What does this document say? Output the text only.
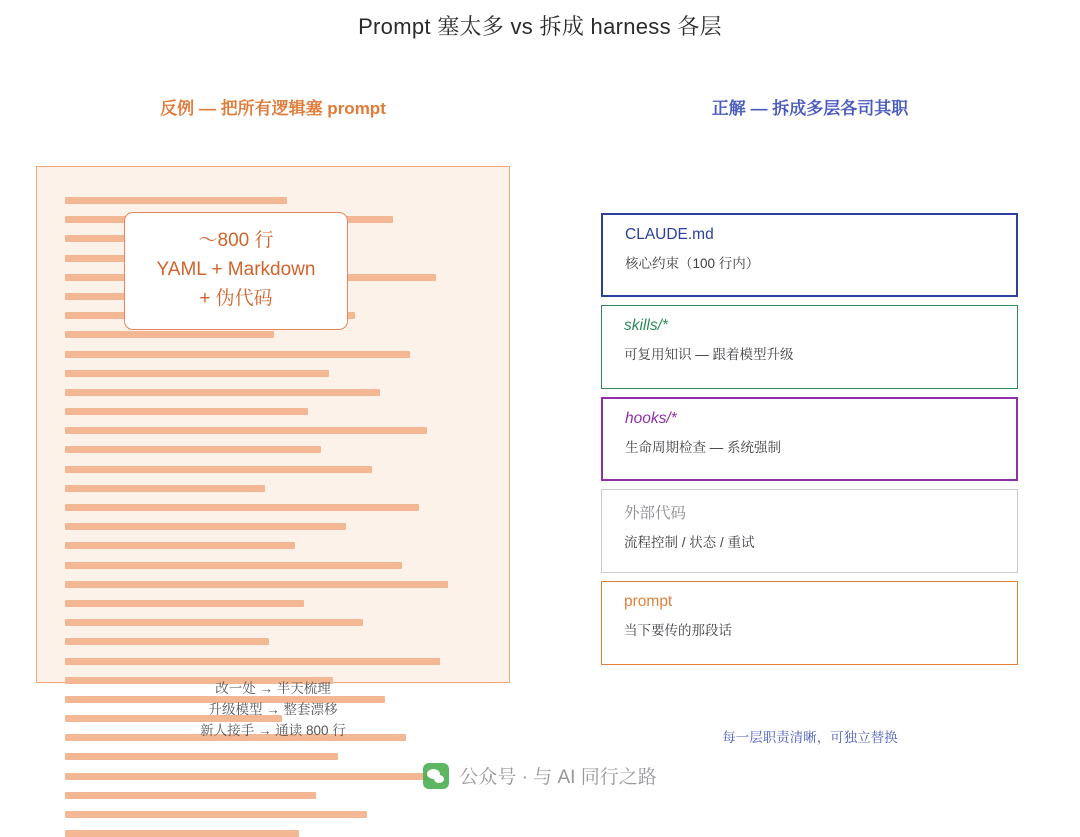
Prompt 塞太多 vs 拆成 harness 各层
反例 — 把所有逻辑塞 prompt
～800 行
YAML + Markdown
+ 伪代码
改一处 → 半天梳理
升级模型 → 整套漂移
新人接手 → 通读 800 行
正解 — 拆成多层各司其职
CLAUDE.md
核心约束（100 行内）
skills/*
可复用知识 — 跟着模型升级
hooks/*
生命周期检查 — 系统强制
外部代码
流程控制 / 状态 / 重试
prompt
当下要传的那段话
每一层职责清晰，可独立替换
公众号 · 与 AI 同行之路
